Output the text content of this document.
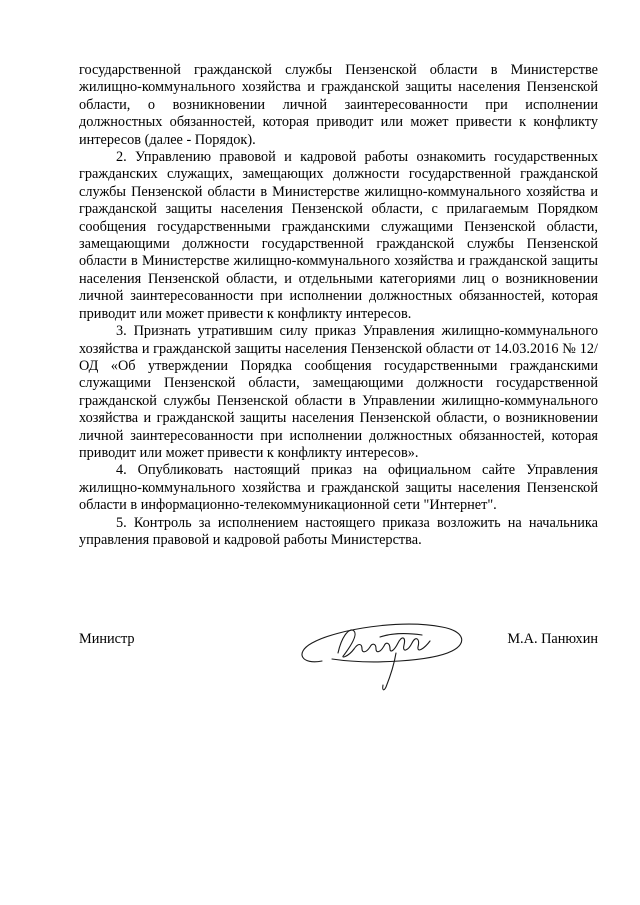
государственной гражданской службы Пензенской области в Министерстве жилищно-коммунального хозяйства и гражданской защиты населения Пензенской области, о возникновении личной заинтересованности при исполнении должностных обязанностей, которая приводит или может привести к конфликту интересов (далее - Порядок).

2. Управлению правовой и кадровой работы ознакомить государственных гражданских служащих, замещающих должности государственной гражданской службы Пензенской области в Министерстве жилищно-коммунального хозяйства и гражданской защиты населения Пензенской области, с прилагаемым Порядком сообщения государственными гражданскими служащими Пензенской области, замещающими должности государственной гражданской службы Пензенской области в Министерстве жилищно-коммунального хозяйства и гражданской защиты населения Пензенской области, и отдельными категориями лиц о возникновении личной заинтересованности при исполнении должностных обязанностей, которая приводит или может привести к конфликту интересов.

3. Признать утратившим силу приказ Управления жилищно-коммунального хозяйства и гражданской защиты населения Пензенской области от 14.03.2016 № 12/ОД «Об утверждении Порядка сообщения государственными гражданскими служащими Пензенской области, замещающими должности государственной гражданской службы Пензенской области в Управлении жилищно-коммунального хозяйства и гражданской защиты населения Пензенской области, о возникновении личной заинтересованности при исполнении должностных обязанностей, которая приводит или может привести к конфликту интересов».

4. Опубликовать настоящий приказ на официальном сайте Управления жилищно-коммунального хозяйства и гражданской защиты населения Пензенской области в информационно-телекоммуникационной сети "Интернет".

5. Контроль за исполнением настоящего приказа возложить на начальника управления правовой и кадровой работы Министерства.

Министр	М.А. Панюхин
